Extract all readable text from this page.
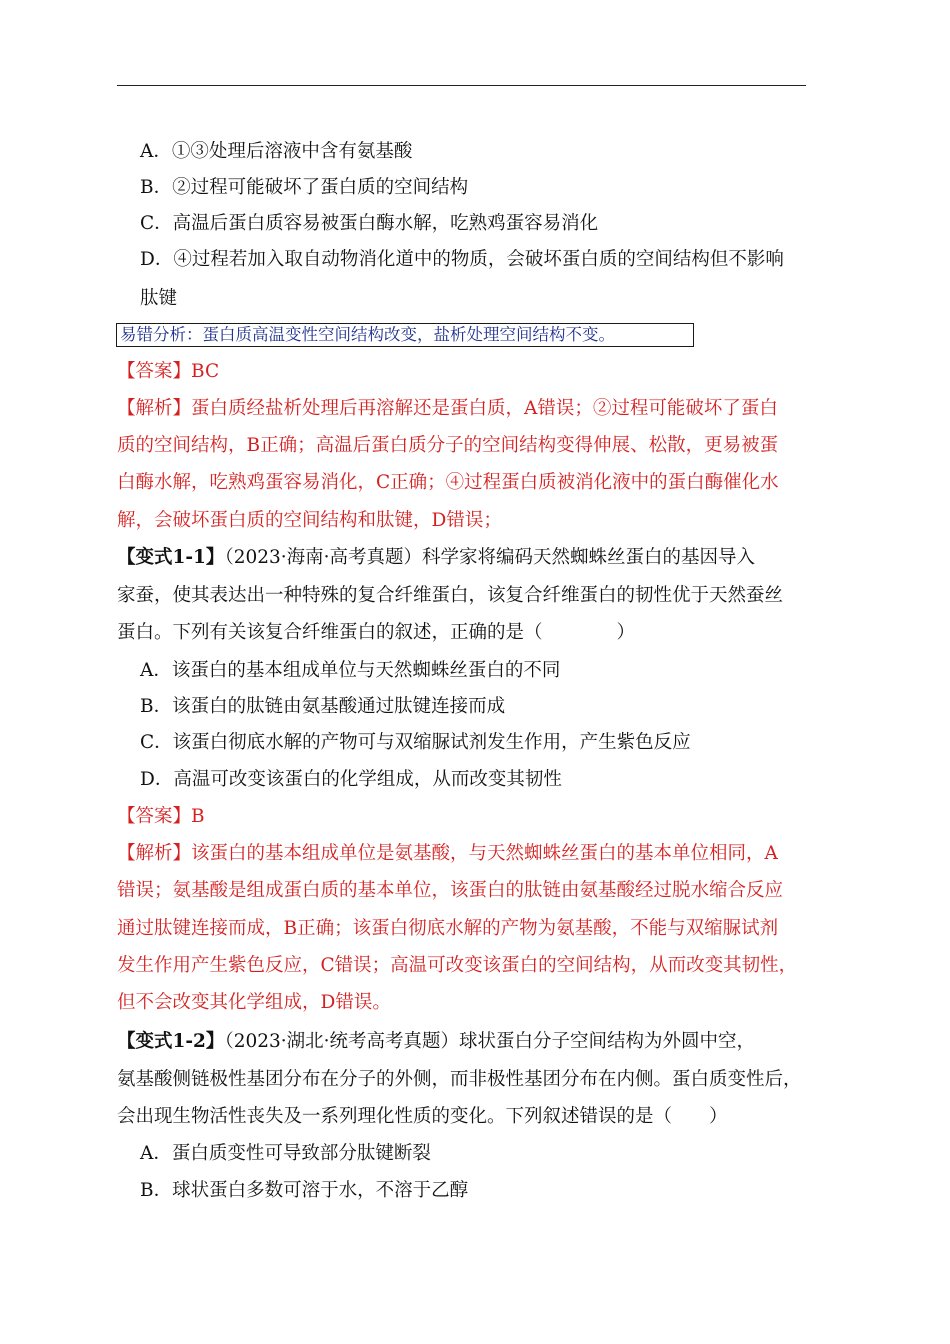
A．①③处理后溶液中含有氨基酸
B．②过程可能破坏了蛋白质的空间结构
C．高温后蛋白质容易被蛋白酶水解，吃熟鸡蛋容易消化
D．④过程若加入取自动物消化道中的物质，会破坏蛋白质的空间结构但不影响
肽键
易错分析：蛋白质高温变性空间结构改变，盐析处理空间结构不变。
【答案】BC
【解析】蛋白质经盐析处理后再溶解还是蛋白质，A错误；②过程可能破坏了蛋白
质的空间结构，B正确；高温后蛋白质分子的空间结构变得伸展、松散，更易被蛋
白酶水解，吃熟鸡蛋容易消化，C正确；④过程蛋白质被消化液中的蛋白酶催化水
解，会破坏蛋白质的空间结构和肽键，D错误；
【变式1-1】（2023·海南·高考真题）科学家将编码天然蜘蛛丝蛋白的基因导入
家蚕，使其表达出一种特殊的复合纤维蛋白，该复合纤维蛋白的韧性优于天然蚕丝
蛋白。下列有关该复合纤维蛋白的叙述，正确的是（　　　　）
A．该蛋白的基本组成单位与天然蜘蛛丝蛋白的不同
B．该蛋白的肽链由氨基酸通过肽键连接而成
C．该蛋白彻底水解的产物可与双缩脲试剂发生作用，产生紫色反应
D．高温可改变该蛋白的化学组成，从而改变其韧性
【答案】B
【解析】该蛋白的基本组成单位是氨基酸，与天然蜘蛛丝蛋白的基本单位相同，A
错误；氨基酸是组成蛋白质的基本单位，该蛋白的肽链由氨基酸经过脱水缩合反应
通过肽键连接而成，B正确；该蛋白彻底水解的产物为氨基酸，不能与双缩脲试剂
发生作用产生紫色反应，C错误；高温可改变该蛋白的空间结构，从而改变其韧性，
但不会改变其化学组成，D错误。
【变式1-2】（2023·湖北·统考高考真题）球状蛋白分子空间结构为外圆中空，
氨基酸侧链极性基团分布在分子的外侧，而非极性基团分布在内侧。蛋白质变性后，
会出现生物活性丧失及一系列理化性质的变化。下列叙述错误的是（　　）
A．蛋白质变性可导致部分肽键断裂
B．球状蛋白多数可溶于水，不溶于乙醇
